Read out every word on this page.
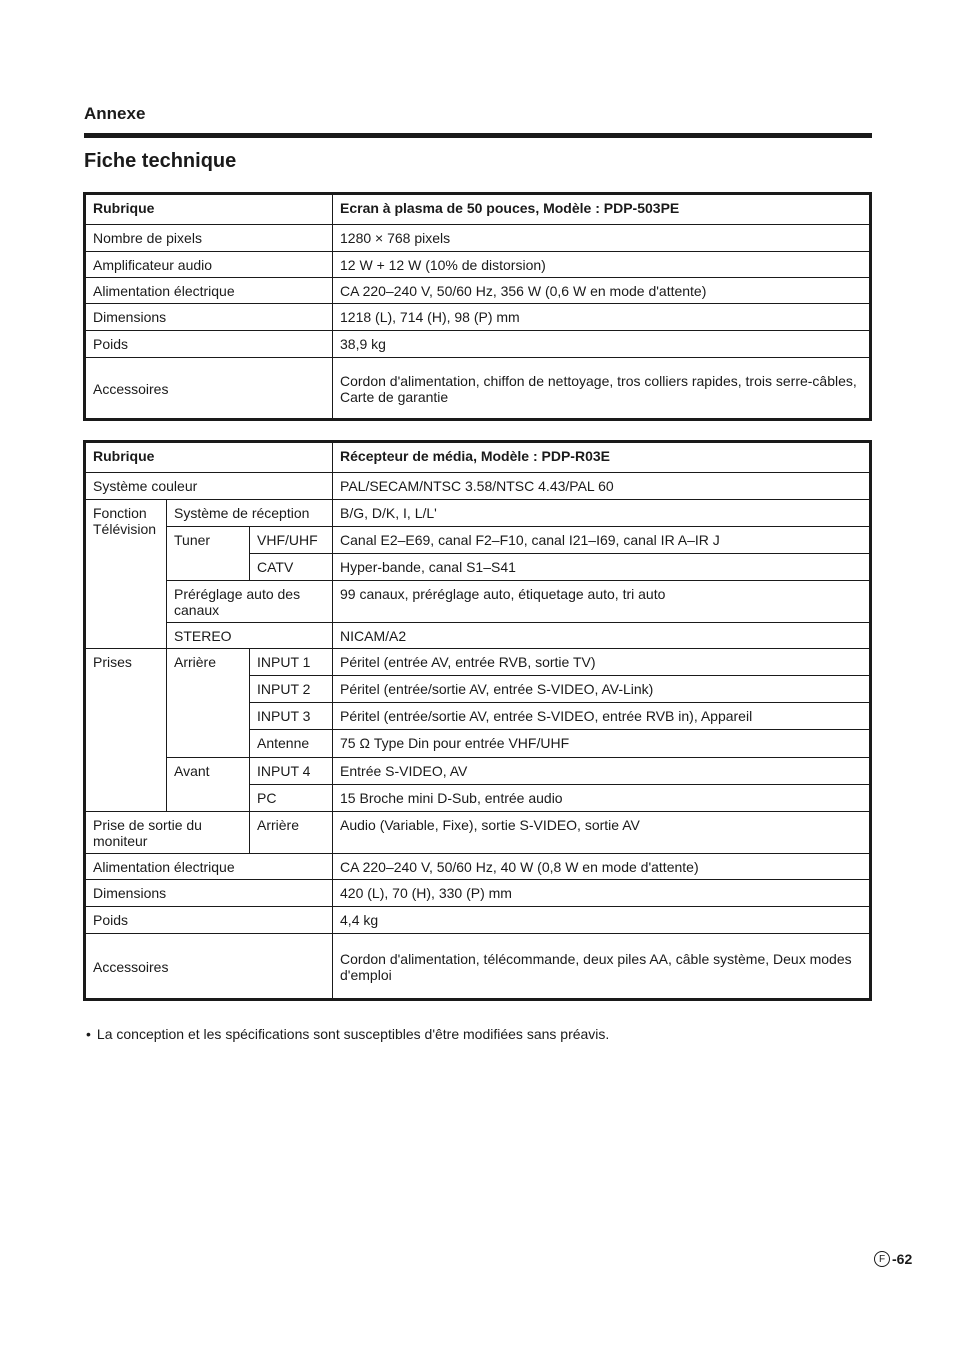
Annexe
Fiche technique
Rubrique	Ecran à plasma de 50 pouces, Modèle : PDP-503PE
Nombre de pixels	1280 × 768 pixels
Amplificateur audio	12 W + 12 W (10% de distorsion)
Alimentation électrique	CA 220–240 V, 50/60 Hz, 356 W (0,6 W en mode d'attente)
Dimensions	1218 (L), 714 (H), 98 (P) mm
Poids	38,9 kg
Accessoires	Cordon d'alimentation, chiffon de nettoyage, tros colliers rapides, trois serre-câbles, Carte de garantie
Rubrique			Récepteur de média, Modèle : PDP-R03E
Système couleur			PAL/SECAM/NTSC 3.58/NTSC 4.43/PAL 60
Fonction Télévision	Système de réception		B/G, D/K, I, L/L'
	Tuner	VHF/UHF	Canal E2–E69, canal F2–F10, canal I21–I69, canal IR A–IR J
		CATV	Hyper-bande, canal S1–S41
	Préréglage auto des canaux		99 canaux, préréglage auto, étiquetage auto, tri auto
	STEREO		NICAM/A2
Prises	Arrière	INPUT 1	Péritel (entrée AV, entrée RVB, sortie TV)
		INPUT 2	Péritel (entrée/sortie AV, entrée S-VIDEO, AV-Link)
		INPUT 3	Péritel (entrée/sortie AV, entrée S-VIDEO, entrée RVB in), Appareil
		Antenne	75 Ω Type Din pour entrée VHF/UHF
	Avant	INPUT 4	Entrée S-VIDEO, AV
		PC	15 Broche mini D-Sub, entrée audio
Prise de sortie du moniteur		Arrière	Audio (Variable, Fixe), sortie S-VIDEO, sortie AV
Alimentation électrique			CA 220–240 V, 50/60 Hz, 40 W (0,8 W en mode d'attente)
Dimensions			420 (L), 70 (H), 330 (P) mm
Poids			4,4 kg
Accessoires			Cordon d'alimentation, télécommande, deux piles AA, câble système, Deux modes d'emploi

• La conception et les spécifications sont susceptibles d'être modifiées sans préavis.

F -62
